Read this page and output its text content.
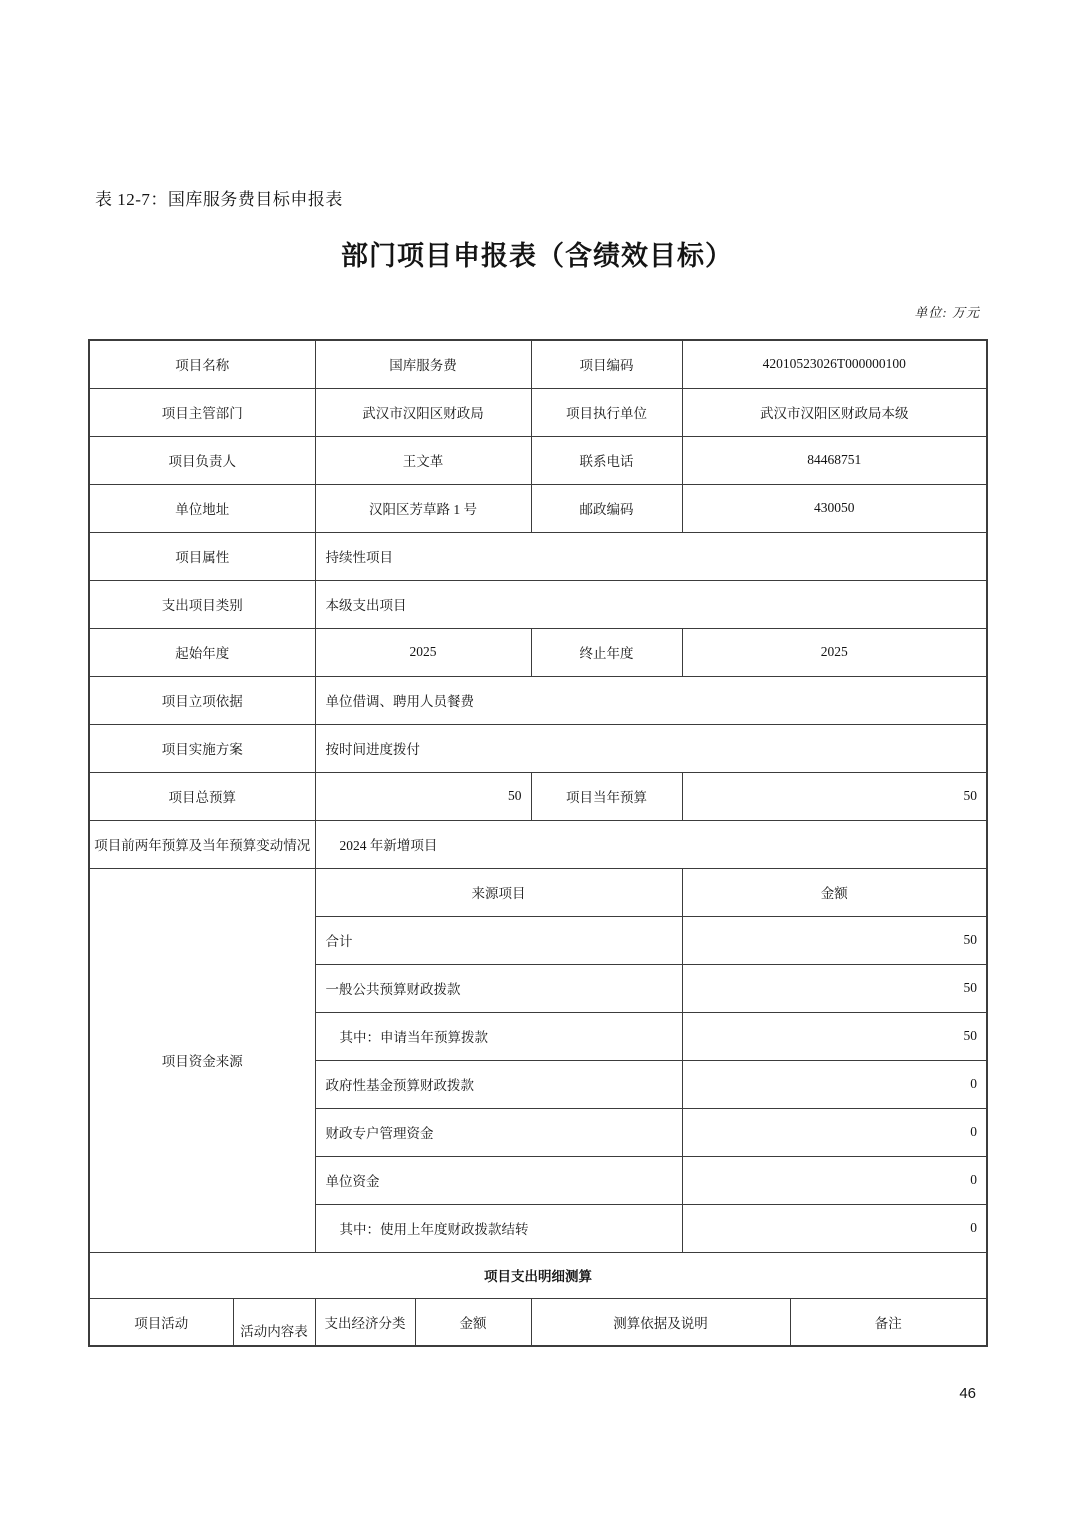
表 12-7：国库服务费目标申报表
部门项目申报表（含绩效目标）
单位: 万元
项目名称		国库服务费		项目编码	42010523026T000000100	
项目主管部门		武汉市汉阳区财政局		项目执行单位	武汉市汉阳区财政局本级	
项目负责人		王文革		联系电话	84468751	
单位地址		汉阳区芳草路 1 号		邮政编码	430050	
项目属性		持续性项目				
支出项目类别		本级支出项目				
起始年度		2025		终止年度	2025	
项目立项依据		单位借调、聘用人员餐费				
项目实施方案		按时间进度拨付				
项目总预算		50		项目当年预算	50	
项目前两年预算及当年预算变动情况		2024 年新增项目				
项目资金来源		来源项目			金额	
		合计			50	
		一般公共预算财政拨款			50	
		其中：申请当年预算拨款			50	
		政府性基金预算财政拨款			0	
		财政专户管理资金			0	
		单位资金			0	
		其中：使用上年度财政拨款结转			0	
项目支出明细测算						
项目活动	活动内容表	支出经济分类	金额	测算依据及说明		备注
46
